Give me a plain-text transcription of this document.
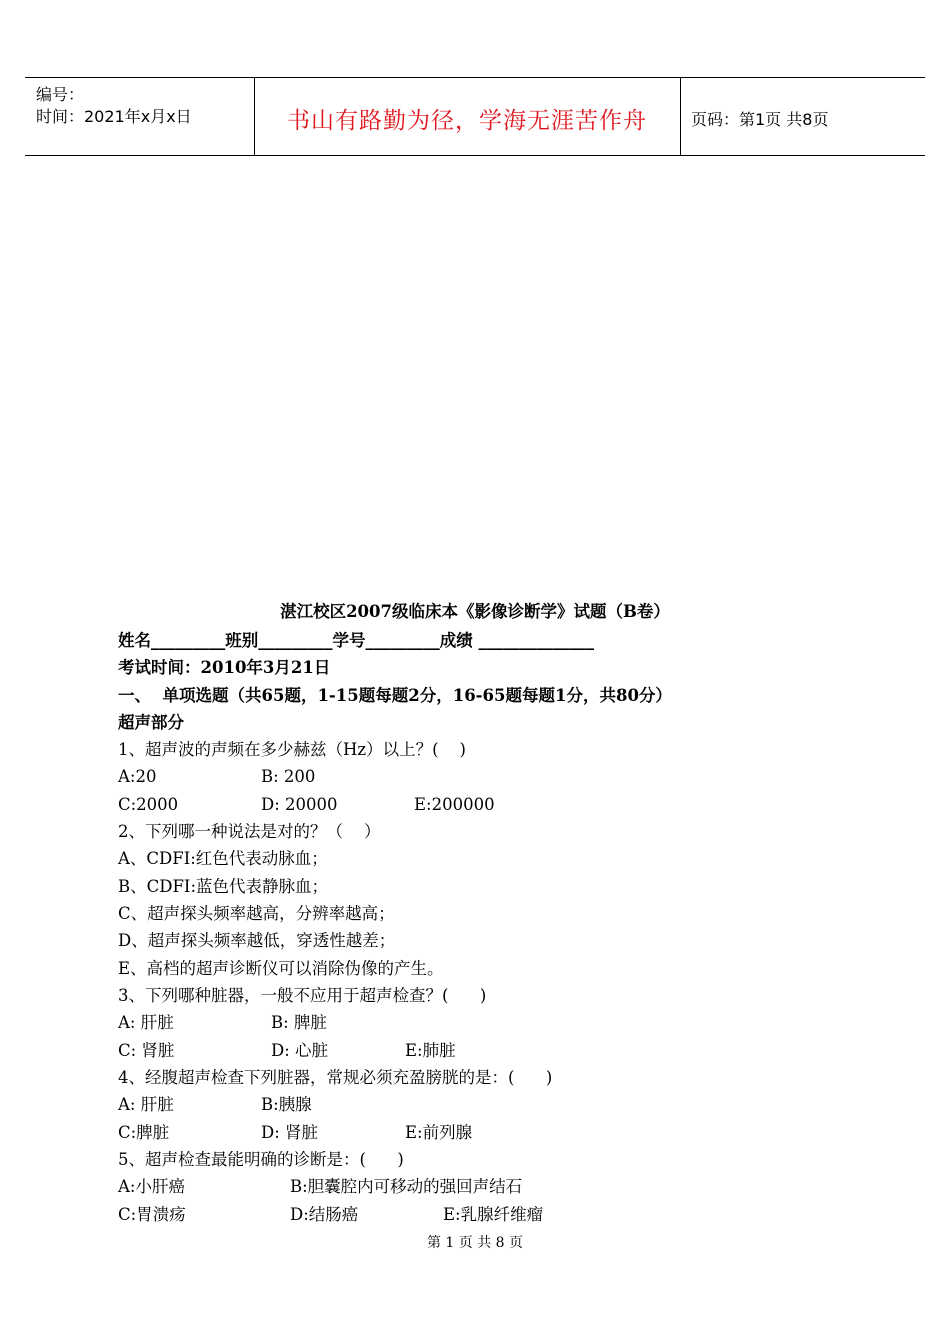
编号：
时间：2021年x月x日	书山有路勤为径，学海无涯苦作舟	页码：第1页 共8页
湛江校区2007级临床本《影像诊断学》试题（B卷）
姓名_________班别_________学号_________成绩 ______________
考试时间：2010年3月21日
一、  单项选题（共65题，1-15题每题2分，16-65题每题1分，共80分）
超声部分
1、超声波的声频在多少赫兹（Hz）以上？(    )
A:20	B: 200
C:2000	D: 20000	E:200000
2、下列哪一种说法是对的？（    ）
A、CDFI:红色代表动脉血；
B、CDFI:蓝色代表静脉血；
C、超声探头频率越高，分辨率越高；
D、超声探头频率越低，穿透性越差；
E、高档的超声诊断仪可以消除伪像的产生。
3、下列哪种脏器，一般不应用于超声检查？(      )
A: 肝脏	B: 脾脏
C: 肾脏	D: 心脏	E:肺脏
4、经腹超声检查下列脏器，常规必须充盈膀胱的是：(      )
A: 肝脏	B:胰腺
C:脾脏	D: 肾脏	E:前列腺
5、超声检查最能明确的诊断是：(      )
A:小肝癌	B:胆囊腔内可移动的强回声结石
C:胃溃疡	D:结肠癌	E:乳腺纤维瘤
第 1 页 共 8 页
